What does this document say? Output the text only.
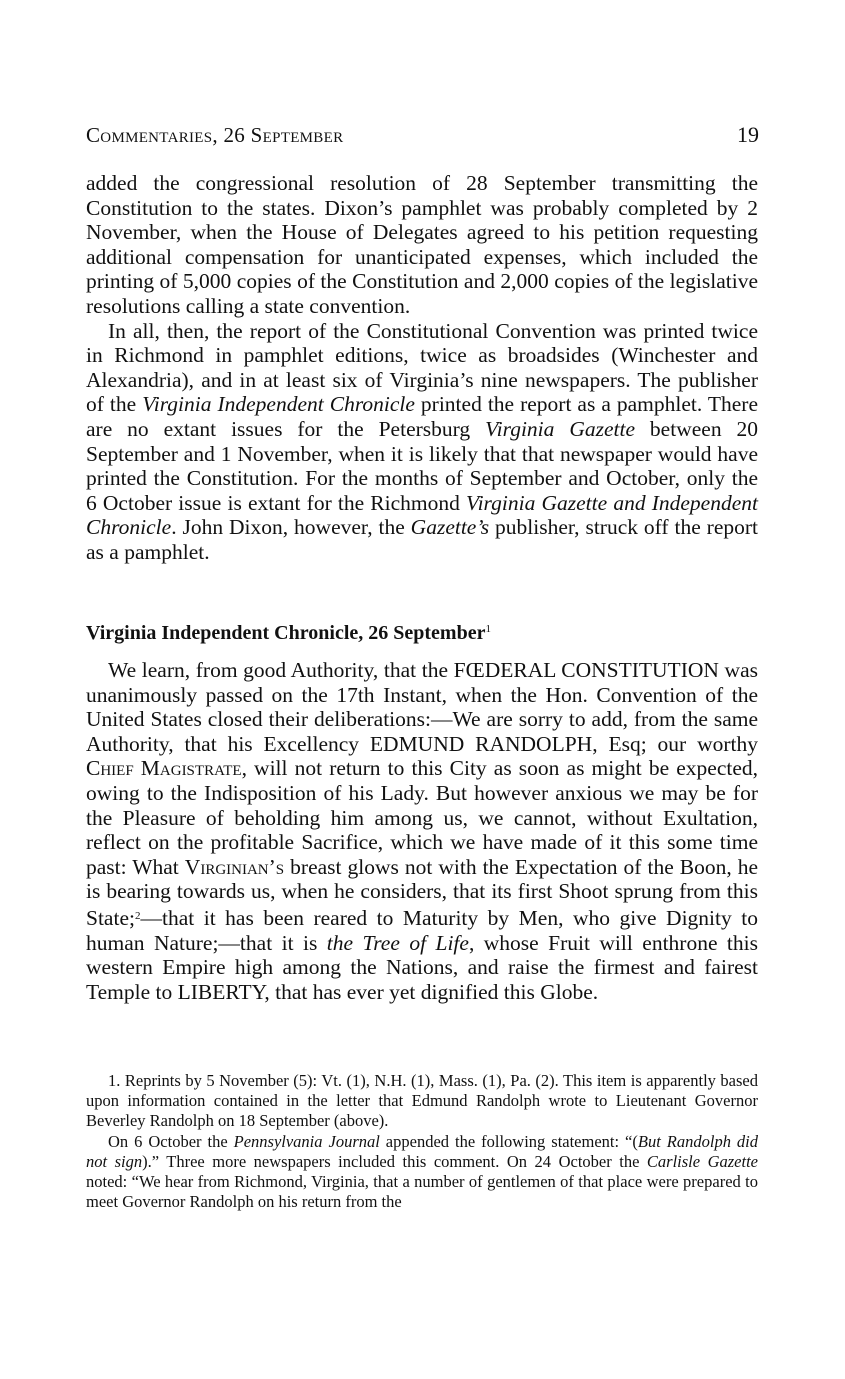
Commentaries, 26 September	19

added the congressional resolution of 28 September transmitting the Constitution to the states. Dixon’s pamphlet was probably completed by 2 November, when the House of Delegates agreed to his petition requesting additional compensation for unanticipated expenses, which included the printing of 5,000 copies of the Constitution and 2,000 copies of the legislative resolutions calling a state convention.

In all, then, the report of the Constitutional Convention was printed twice in Richmond in pamphlet editions, twice as broadsides (Winchester and Alexandria), and in at least six of Virginia’s nine newspapers. The publisher of the Virginia Independent Chronicle printed the report as a pamphlet. There are no extant issues for the Petersburg Virginia Gazette between 20 September and 1 November, when it is likely that that newspaper would have printed the Constitution. For the months of September and October, only the 6 October issue is extant for the Richmond Virginia Gazette and Independent Chronicle. John Dixon, however, the Gazette’s publisher, struck off the report as a pamphlet.

Virginia Independent Chronicle, 26 September$^1$

We learn, from good Authority, that the FŒDERAL CONSTITUTION was unanimously passed on the 17th Instant, when the Hon. Convention of the United States closed their deliberations:—We are sorry to add, from the same Authority, that his Excellency EDMUND RANDOLPH, Esq; our worthy Chief Magistrate, will not return to this City as soon as might be expected, owing to the Indisposition of his Lady. But however anxious we may be for the Pleasure of beholding him among us, we cannot, without Exultation, reflect on the profitable Sacrifice, which we have made of it this some time past: What Virginian’s breast glows not with the Expectation of the Boon, he is bearing towards us, when he considers, that its first Shoot sprung from this State;$^2$—that it has been reared to Maturity by Men, who give Dignity to human Nature;—that it is the Tree of Life, whose Fruit will enthrone this western Empire high among the Nations, and raise the firmest and fairest Temple to LIBERTY, that has ever yet dignified this Globe.

1. Reprints by 5 November (5): Vt. (1), N.H. (1), Mass. (1), Pa. (2). This item is apparently based upon information contained in the letter that Edmund Randolph wrote to Lieutenant Governor Beverley Randolph on 18 September (above).

On 6 October the Pennsylvania Journal appended the following statement: “(But Randolph did not sign).” Three more newspapers included this comment. On 24 October the Carlisle Gazette noted: “We hear from Richmond, Virginia, that a number of gentlemen of that place were prepared to meet Governor Randolph on his return from the
